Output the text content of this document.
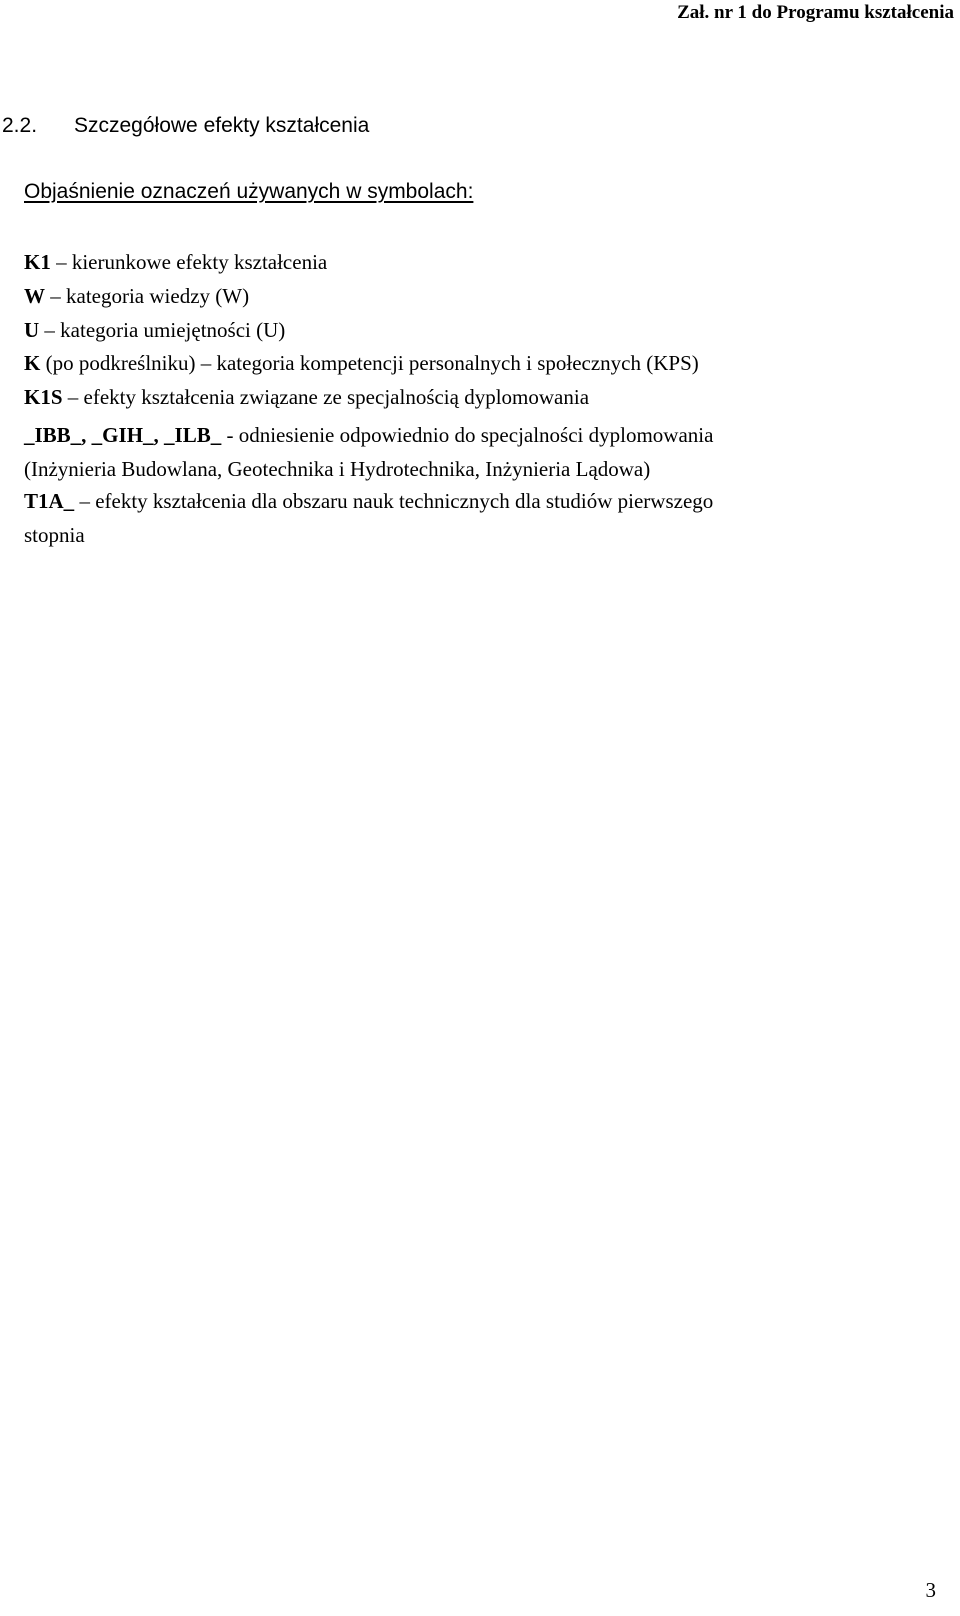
Zał. nr 1 do Programu kształcenia
2.2. Szczegółowe efekty kształcenia
Objaśnienie oznaczeń używanych w symbolach:
K1 – kierunkowe efekty kształcenia
W – kategoria wiedzy (W)
U – kategoria umiejętności (U)
K (po podkreślniku) – kategoria kompetencji personalnych i społecznych (KPS)
K1S – efekty kształcenia związane ze specjalnością dyplomowania
_IBB_, _GIH_, _ILB_ - odniesienie odpowiednio do specjalności dyplomowania
(Inżynieria Budowlana, Geotechnika i Hydrotechnika, Inżynieria Lądowa)
T1A_ – efekty kształcenia dla obszaru nauk technicznych dla studiów pierwszego
stopnia
3
